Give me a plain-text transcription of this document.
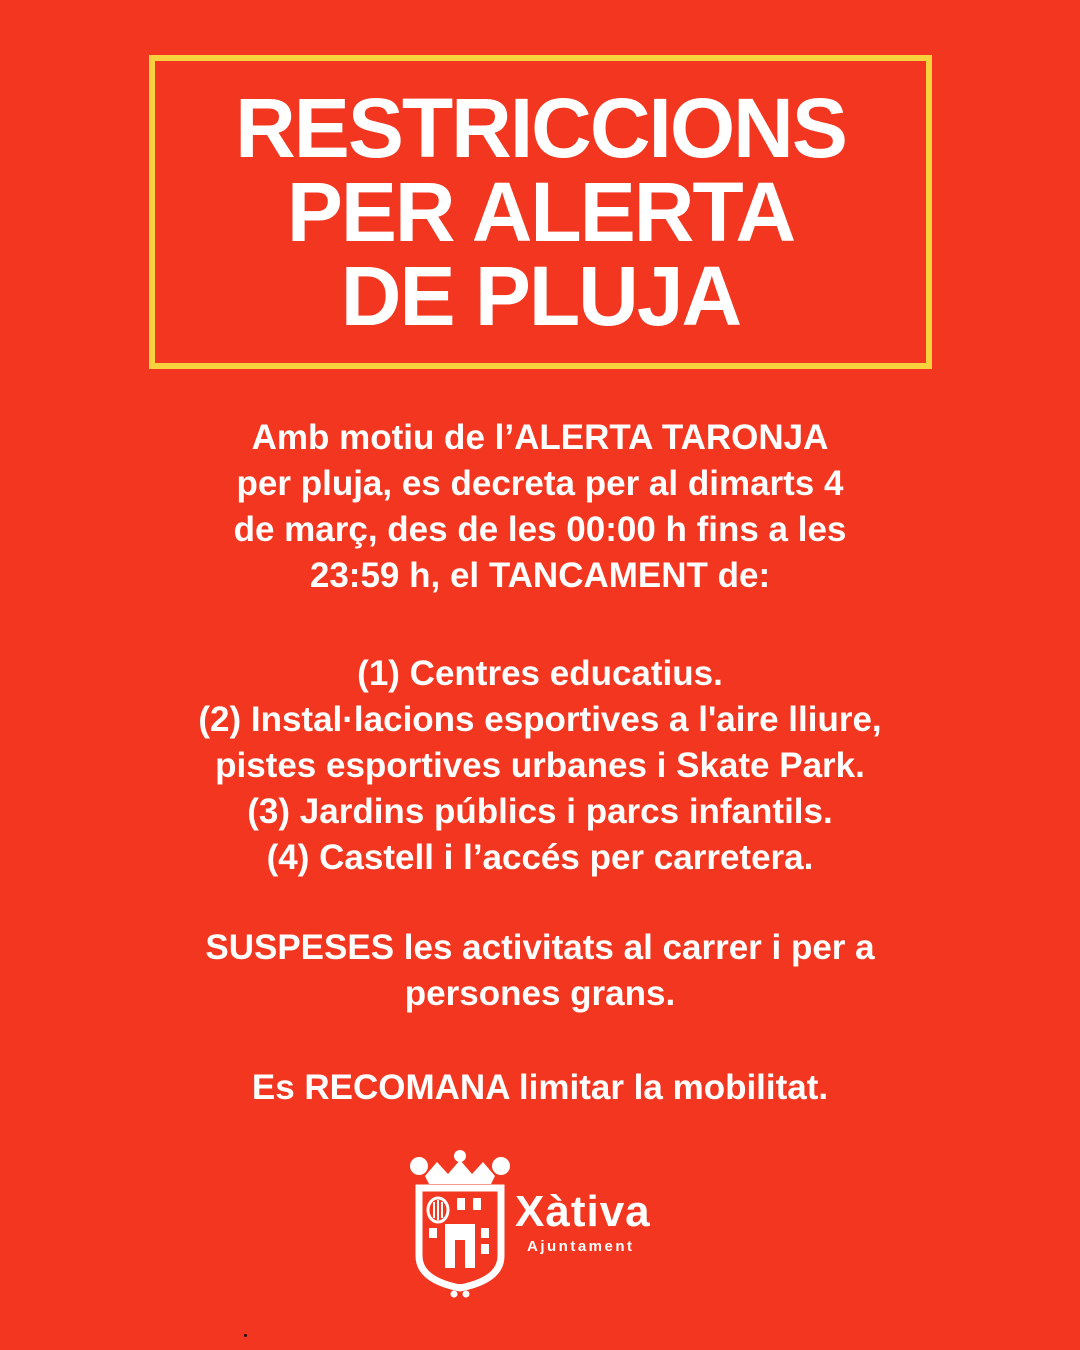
RESTRICCIONS
PER ALERTA
DE PLUJA

Amb motiu de l’ALERTA TARONJA

per pluja, es decreta per al dimarts 4

de març, des de les 00:00 h fins a les

23:59 h, el TANCAMENT de:

(1) Centres educatius.

(2) Instal·lacions esportives a l'aire lliure,

pistes esportives urbanes i Skate Park.

(3) Jardins públics i parcs infantils.

(4) Castell i l’accés per carretera.

SUSPESES les activitats al carrer i per a

persones grans.

Es RECOMANA limitar la mobilitat.

Xàtiva
Ajuntament
